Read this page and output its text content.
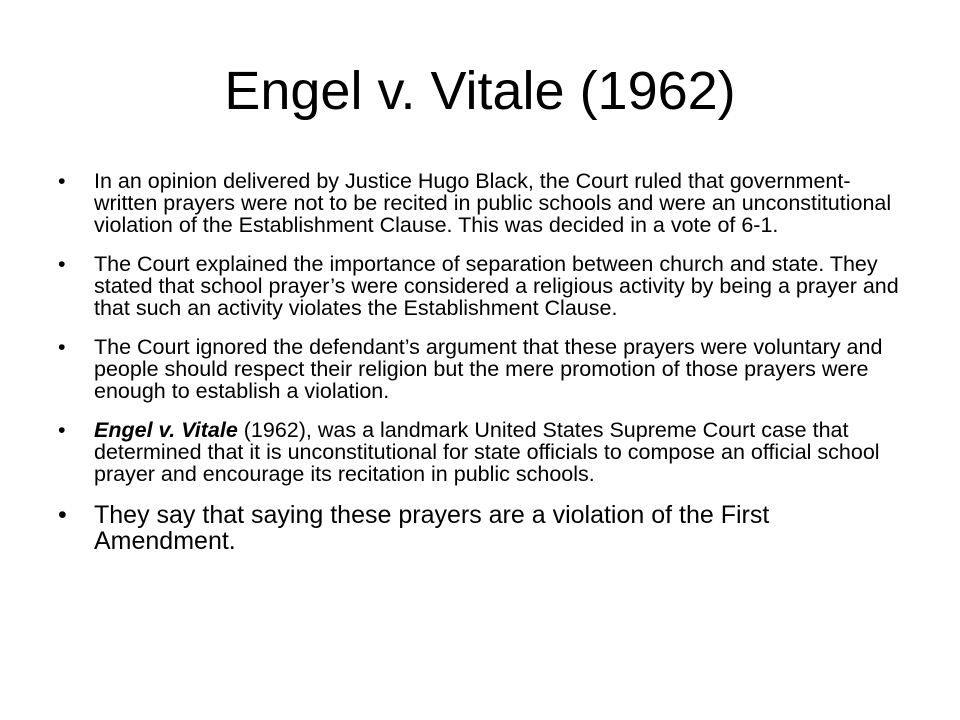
Engel v. Vitale (1962)
• In an opinion delivered by Justice Hugo Black, the Court ruled that government-written prayers were not to be recited in public schools and were an unconstitutional violation of the Establishment Clause. This was decided in a vote of 6-1.
• The Court explained the importance of separation between church and state. They stated that school prayer’s were considered a religious activity by being a prayer and that such an activity violates the Establishment Clause.
• The Court ignored the defendant’s argument that these prayers were voluntary and people should respect their religion but the mere promotion of those prayers were enough to establish a violation.
• Engel v. Vitale (1962), was a landmark United States Supreme Court case that determined that it is unconstitutional for state officials to compose an official school prayer and encourage its recitation in public schools.
• They say that saying these prayers are a violation of the First Amendment.
